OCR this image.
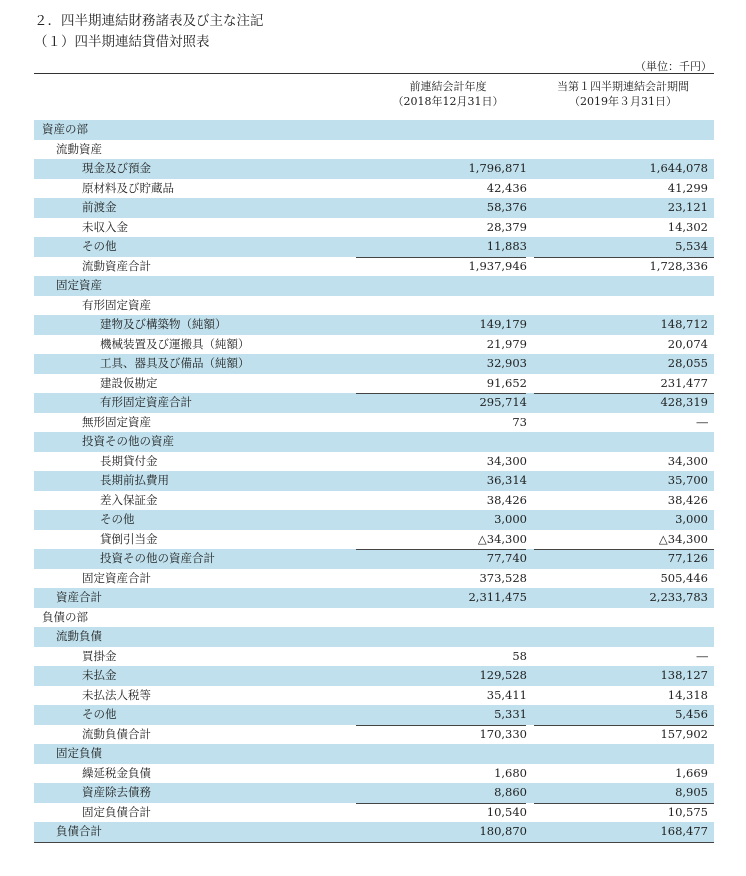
２．四半期連結財務諸表及び主な注記
（１）四半期連結貸借対照表
（単位：千円）
前連結会計年度
（2018年12月31日）
当第１四半期連結会計期間
（2019年３月31日）
資産の部
流動資産
現金及び預金	1,796,871	1,644,078
原材料及び貯蔵品	42,436	41,299
前渡金	58,376	23,121
未収入金	28,379	14,302
その他	11,883	5,534
流動資産合計	1,937,946	1,728,336
固定資産
有形固定資産
建物及び構築物（純額）	149,179	148,712
機械装置及び運搬具（純額）	21,979	20,074
工具、器具及び備品（純額）	32,903	28,055
建設仮勘定	91,652	231,477
有形固定資産合計	295,714	428,319
無形固定資産	73	―
投資その他の資産
長期貸付金	34,300	34,300
長期前払費用	36,314	35,700
差入保証金	38,426	38,426
その他	3,000	3,000
貸倒引当金	△34,300	△34,300
投資その他の資産合計	77,740	77,126
固定資産合計	373,528	505,446
資産合計	2,311,475	2,233,783
負債の部
流動負債
買掛金	58	―
未払金	129,528	138,127
未払法人税等	35,411	14,318
その他	5,331	5,456
流動負債合計	170,330	157,902
固定負債
繰延税金負債	1,680	1,669
資産除去債務	8,860	8,905
固定負債合計	10,540	10,575
負債合計	180,870	168,477
